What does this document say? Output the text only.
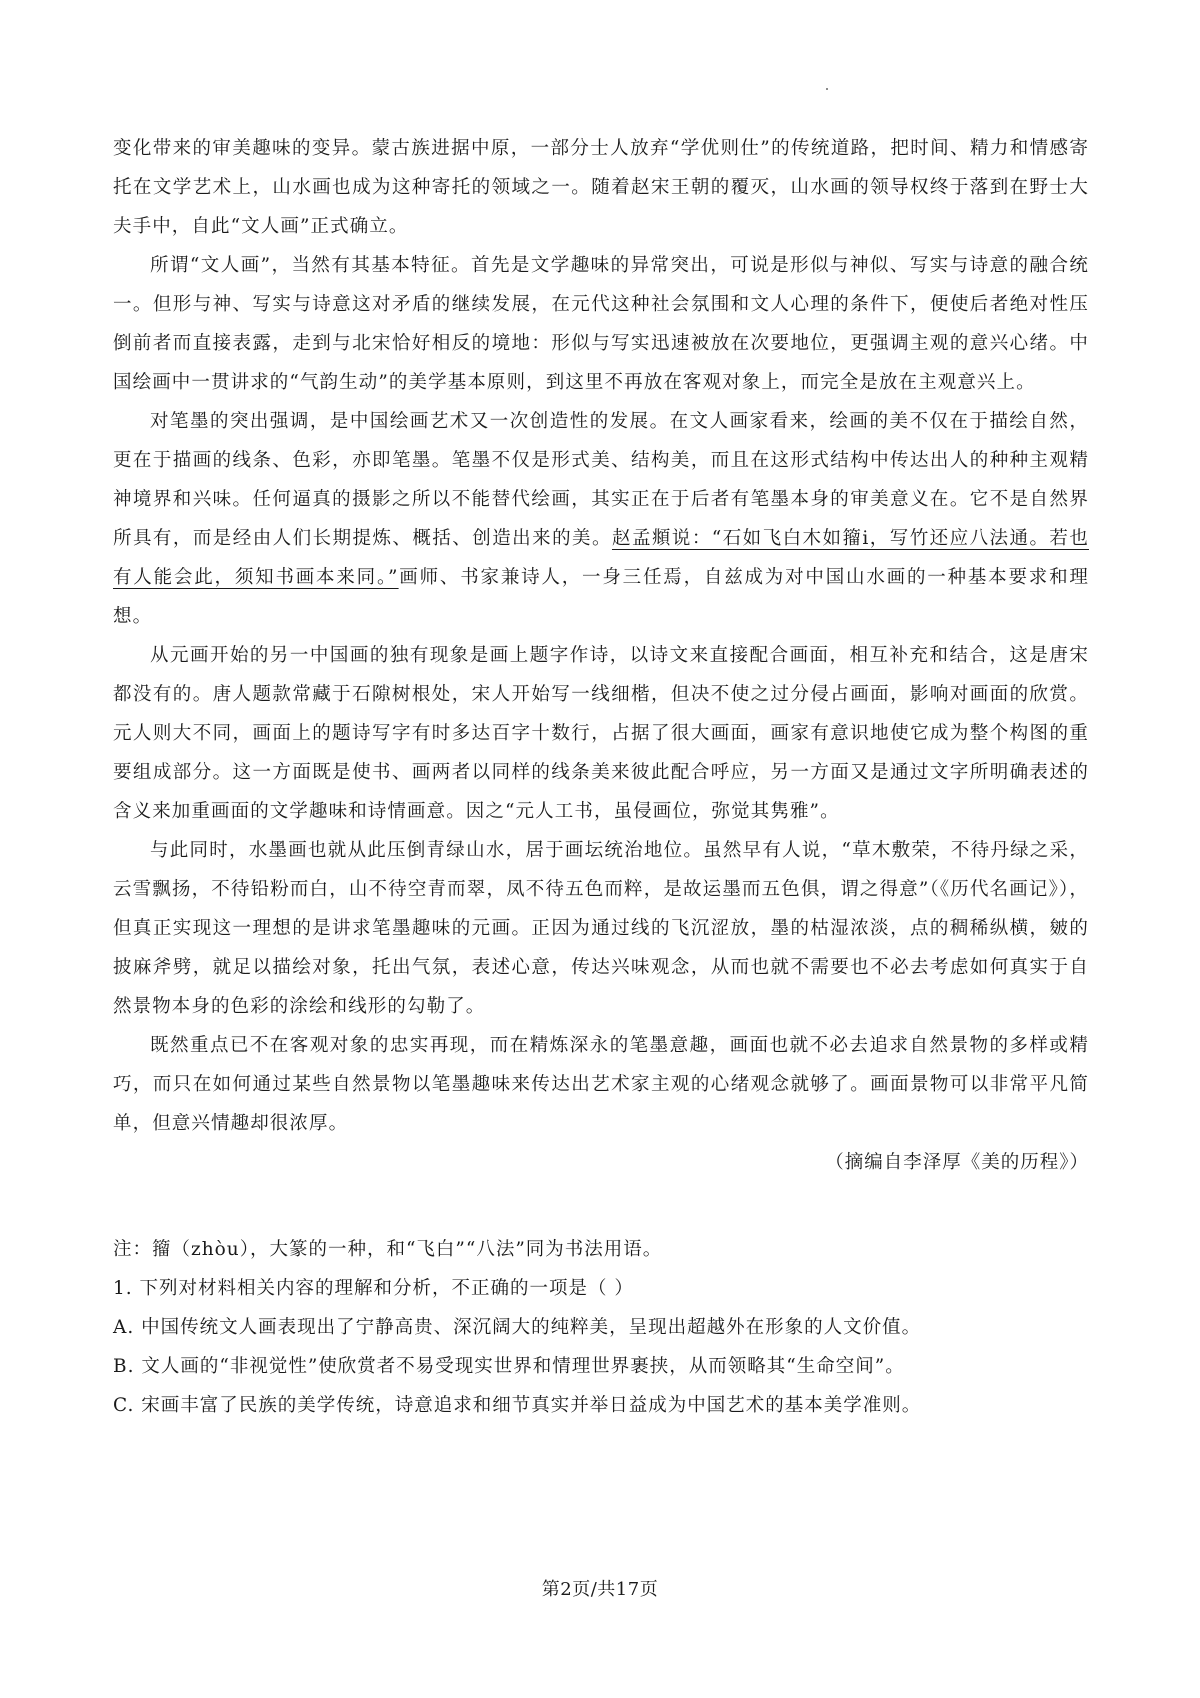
变化带来的审美趣味的变异。蒙古族进据中原，一部分士人放弃“学优则仕”的传统道路，把时间、精力和情感寄托在文学艺术上，山水画也成为这种寄托的领域之一。随着赵宋王朝的覆灭，山水画的领导权终于落到在野士大夫手中，自此“文人画”正式确立。

所谓“文人画”，当然有其基本特征。首先是文学趣味的异常突出，可说是形似与神似、写实与诗意的融合统一。但形与神、写实与诗意这对矛盾的继续发展，在元代这种社会氛围和文人心理的条件下，便使后者绝对性压倒前者而直接表露，走到与北宋恰好相反的境地：形似与写实迅速被放在次要地位，更强调主观的意兴心绪。中国绘画中一贯讲求的“气韵生动”的美学基本原则，到这里不再放在客观对象上，而完全是放在主观意兴上。

对笔墨的突出强调，是中国绘画艺术又一次创造性的发展。在文人画家看来，绘画的美不仅在于描绘自然，更在于描画的线条、色彩，亦即笔墨。笔墨不仅是形式美、结构美，而且在这形式结构中传达出人的种种主观精神境界和兴味。任何逼真的摄影之所以不能替代绘画，其实正在于后者有笔墨本身的审美意义在。它不是自然界所具有，而是经由人们长期提炼、概括、创造出来的美。赵孟頫说：“石如飞白木如籀ⅰ，写竹还应八法通。若也有人能会此，须知书画本来同。”画师、书家兼诗人，一身三任焉，自兹成为对中国山水画的一种基本要求和理想。

从元画开始的另一中国画的独有现象是画上题字作诗，以诗文来直接配合画面，相互补充和结合，这是唐宋都没有的。唐人题款常藏于石隙树根处，宋人开始写一线细楷，但决不使之过分侵占画面，影响对画面的欣赏。元人则大不同，画面上的题诗写字有时多达百字十数行，占据了很大画面，画家有意识地使它成为整个构图的重要组成部分。这一方面既是使书、画两者以同样的线条美来彼此配合呼应，另一方面又是通过文字所明确表述的含义来加重画面的文学趣味和诗情画意。因之“元人工书，虽侵画位，弥觉其隽雅”。

与此同时，水墨画也就从此压倒青绿山水，居于画坛统治地位。虽然早有人说，“草木敷荣，不待丹绿之采，云雪飘扬，不待铅粉而白，山不待空青而翠，凤不待五色而粹，是故运墨而五色俱，谓之得意”（《历代名画记》），但真正实现这一理想的是讲求笔墨趣味的元画。正因为通过线的飞沉涩放，墨的枯湿浓淡，点的稠稀纵横，皴的披麻斧劈，就足以描绘对象，托出气氛，表述心意，传达兴味观念，从而也就不需要也不必去考虑如何真实于自然景物本身的色彩的涂绘和线形的勾勒了。

既然重点已不在客观对象的忠实再现，而在精炼深永的笔墨意趣，画面也就不必去追求自然景物的多样或精巧，而只在如何通过某些自然景物以笔墨趣味来传达出艺术家主观的心绪观念就够了。画面景物可以非常平凡简单，但意兴情趣却很浓厚。

（摘编自李泽厚《美的历程》）

注：籀（zhòu），大篆的一种，和“飞白”“八法”同为书法用语。

1. 下列对材料相关内容的理解和分析，不正确的一项是（ ）

A. 中国传统文人画表现出了宁静高贵、深沉阔大的纯粹美，呈现出超越外在形象的人文价值。

B. 文人画的“非视觉性”使欣赏者不易受现实世界和情理世界裹挟，从而领略其“生命空间”。

C. 宋画丰富了民族的美学传统，诗意追求和细节真实并举日益成为中国艺术的基本美学准则。

第2页/共17页
